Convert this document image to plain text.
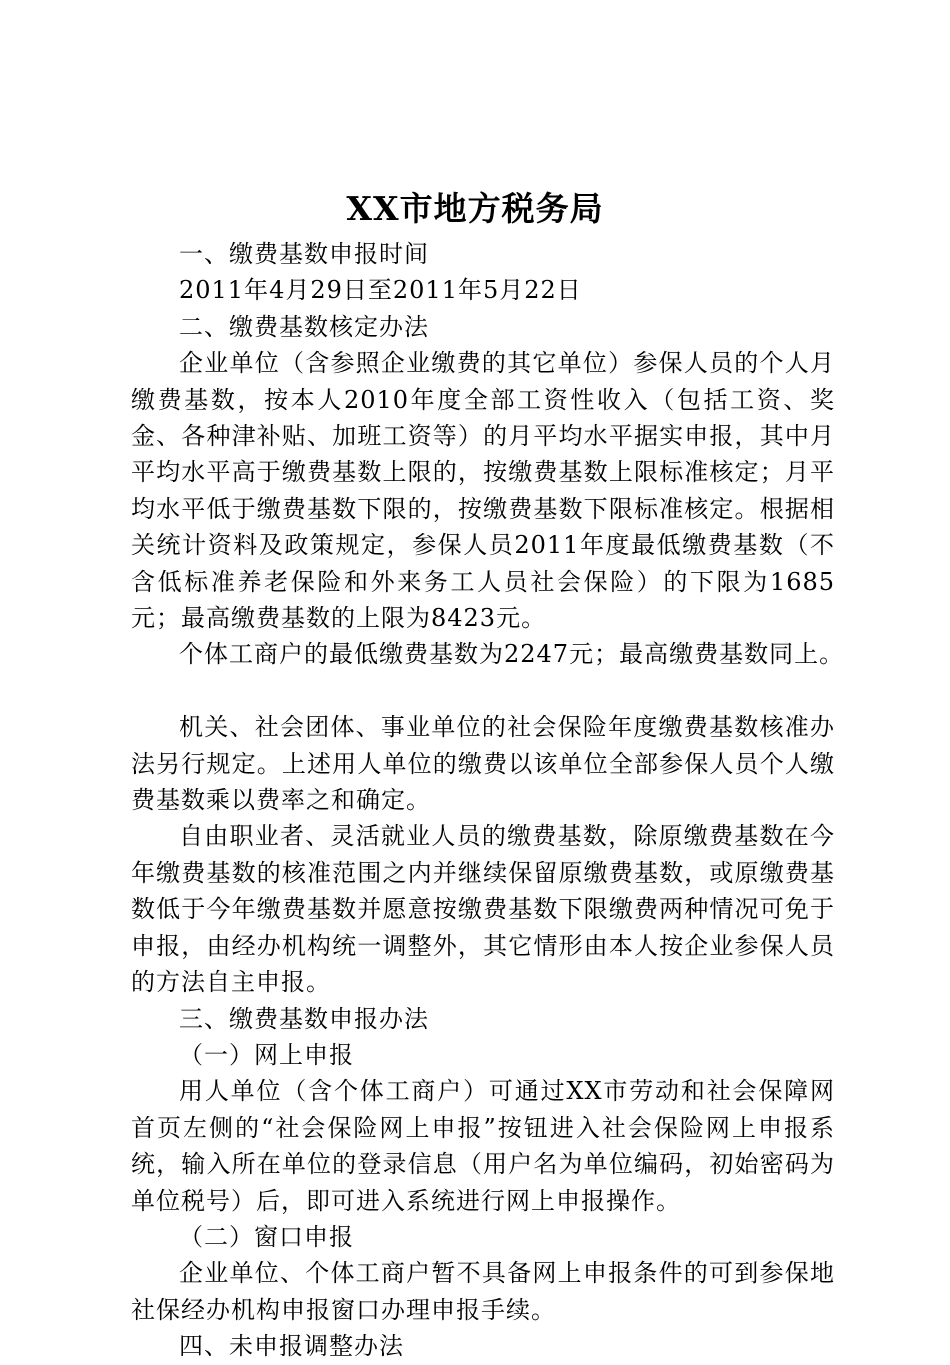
XX市地方税务局

一、缴费基数申报时间

2011年4月29日至2011年5月22日

二、缴费基数核定办法

企业单位（含参照企业缴费的其它单位）参保人员的个人月缴费基数，按本人2010年度全部工资性收入（包括工资、奖金、各种津补贴、加班工资等）的月平均水平据实申报，其中月平均水平高于缴费基数上限的，按缴费基数上限标准核定；月平均水平低于缴费基数下限的，按缴费基数下限标准核定。根据相关统计资料及政策规定，参保人员2011年度最低缴费基数（不含低标准养老保险和外来务工人员社会保险）的下限为1685元；最高缴费基数的上限为8423元。

个体工商户的最低缴费基数为2247元；最高缴费基数同上。

机关、社会团体、事业单位的社会保险年度缴费基数核准办法另行规定。上述用人单位的缴费以该单位全部参保人员个人缴费基数乘以费率之和确定。

自由职业者、灵活就业人员的缴费基数，除原缴费基数在今年缴费基数的核准范围之内并继续保留原缴费基数，或原缴费基数低于今年缴费基数并愿意按缴费基数下限缴费两种情况可免于申报，由经办机构统一调整外，其它情形由本人按企业参保人员的方法自主申报。

三、缴费基数申报办法

（一）网上申报

用人单位（含个体工商户）可通过XX市劳动和社会保障网首页左侧的“社会保险网上申报”按钮进入社会保险网上申报系统，输入所在单位的登录信息（用户名为单位编码，初始密码为单位税号）后，即可进入系统进行网上申报操作。

（二）窗口申报

企业单位、个体工商户暂不具备网上申报条件的可到参保地社保经办机构申报窗口办理申报手续。

四、未申报调整办法
